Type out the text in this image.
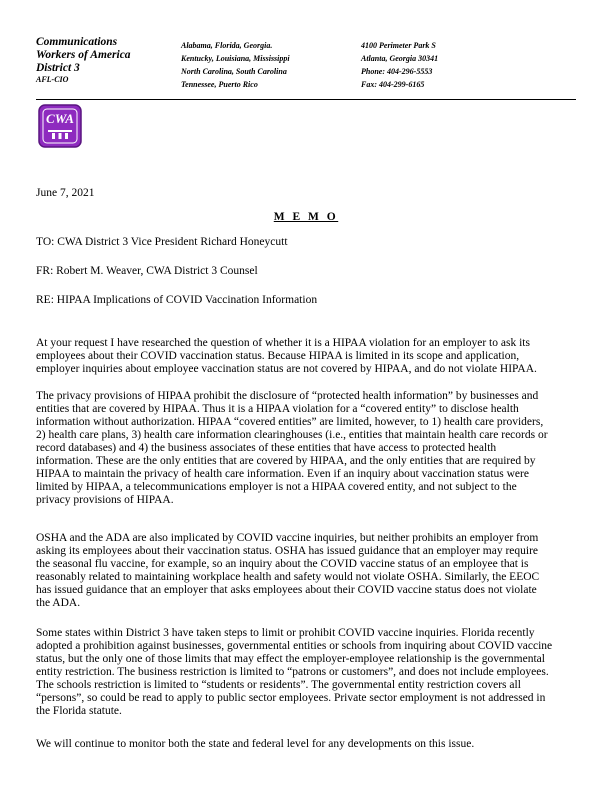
Communications
Workers of America
District 3
AFL-CIO
Alabama, Florida, Georgia.
Kentucky, Louisiana, Mississippi
North Carolina, South Carolina
Tennessee, Puerto Rico
4100 Perimeter Park S
Atlanta, Georgia 30341
Phone: 404-296-5553
Fax: 404-299-6165
CWA
June 7, 2021
M E M O
TO: CWA District 3 Vice President Richard Honeycutt
FR: Robert M. Weaver, CWA District 3 Counsel
RE: HIPAA Implications of COVID Vaccination Information
At your request I have researched the question of whether it is a HIPAA violation for an employer to ask its
employees about their COVID vaccination status. Because HIPAA is limited in its scope and application,
employer inquiries about employee vaccination status are not covered by HIPAA, and do not violate HIPAA.
The privacy provisions of HIPAA prohibit the disclosure of “protected health information” by businesses and
entities that are covered by HIPAA. Thus it is a HIPAA violation for a “covered entity” to disclose health
information without authorization. HIPAA “covered entities” are limited, however, to 1) health care providers,
2) health care plans, 3) health care information clearinghouses (i.e., entities that maintain health care records or
record databases) and 4) the business associates of these entities that have access to protected health
information. These are the only entities that are covered by HIPAA, and the only entities that are required by
HIPAA to maintain the privacy of health care information. Even if an inquiry about vaccination status were
limited by HIPAA, a telecommunications employer is not a HIPAA covered entity, and not subject to the
privacy provisions of HIPAA.
OSHA and the ADA are also implicated by COVID vaccine inquiries, but neither prohibits an employer from
asking its employees about their vaccination status. OSHA has issued guidance that an employer may require
the seasonal flu vaccine, for example, so an inquiry about the COVID vaccine status of an employee that is
reasonably related to maintaining workplace health and safety would not violate OSHA. Similarly, the EEOC
has issued guidance that an employer that asks employees about their COVID vaccine status does not violate
the ADA.
Some states within District 3 have taken steps to limit or prohibit COVID vaccine inquiries. Florida recently
adopted a prohibition against businesses, governmental entities or schools from inquiring about COVID vaccine
status, but the only one of those limits that may effect the employer-employee relationship is the governmental
entity restriction. The business restriction is limited to “patrons or customers”, and does not include employees.
The schools restriction is limited to “students or residents”. The governmental entity restriction covers all
“persons”, so could be read to apply to public sector employees. Private sector employment is not addressed in
the Florida statute.
We will continue to monitor both the state and federal level for any developments on this issue.
